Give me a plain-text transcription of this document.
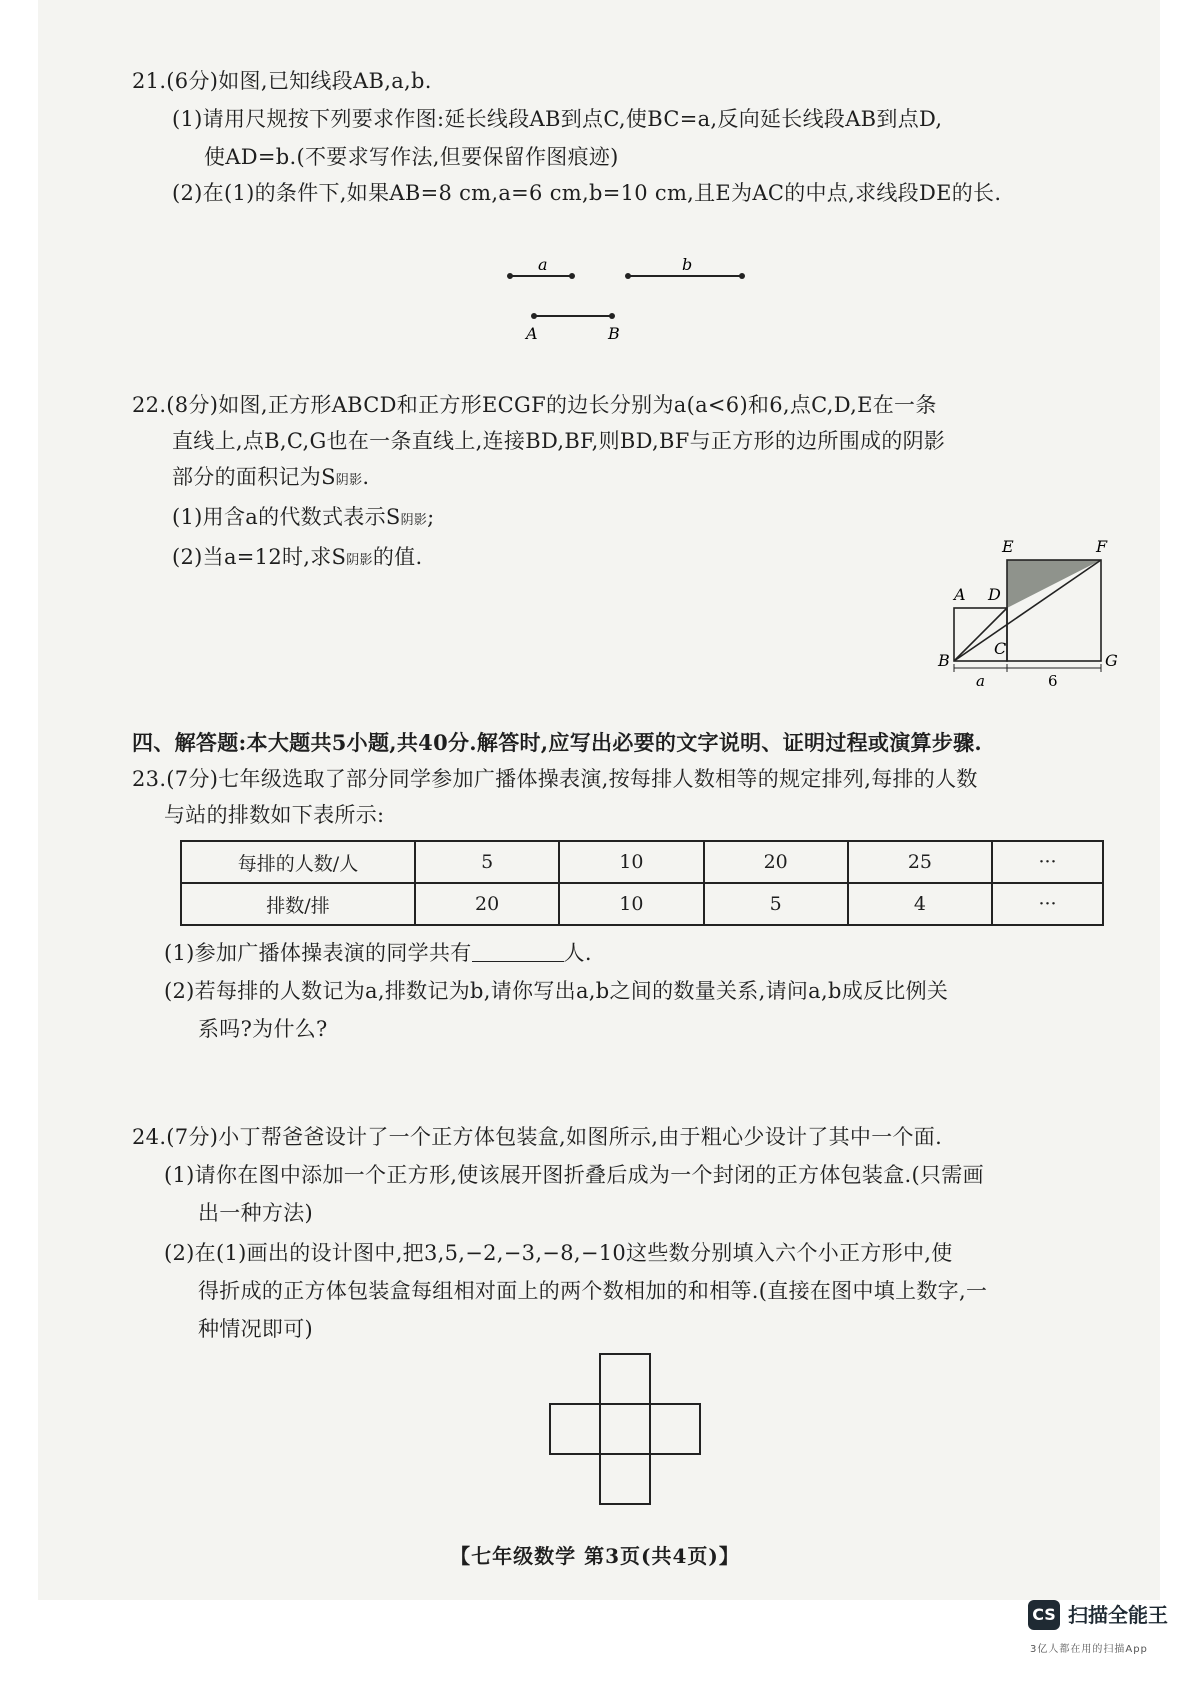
21.(6分)如图,已知线段AB,a,b.
(1)请用尺规按下列要求作图:延长线段AB到点C,使BC=a,反向延长线段AB到点D,
使AD=b.(不要求写作法,但要保留作图痕迹)
(2)在(1)的条件下,如果AB=8 cm,a=6 cm,b=10 cm,且E为AC的中点,求线段DE的长.
a	b
A	B
22.(8分)如图,正方形ABCD和正方形ECGF的边长分别为a(a<6)和6,点C,D,E在一条
直线上,点B,C,G也在一条直线上,连接BD,BF,则BD,BF与正方形的边所围成的阴影
部分的面积记为S阴影.
(1)用含a的代数式表示S阴影;
(2)当a=12时,求S阴影的值.
A D
E	F
B
C
G
a	6
四、解答题:本大题共5小题,共40分.解答时,应写出必要的文字说明、证明过程或演算步骤.
23.(7分)七年级选取了部分同学参加广播体操表演,按每排人数相等的规定排列,每排的人数
与站的排数如下表所示:
每排的人数/人	5	10	20	25	···
排数/排	20	10	5	4	···
(1)参加广播体操表演的同学共有	人.
(2)若每排的人数记为a,排数记为b,请你写出a,b之间的数量关系,请问a,b成反比例关
系吗?为什么?
24.(7分)小丁帮爸爸设计了一个正方体包装盒,如图所示,由于粗心少设计了其中一个面.
(1)请你在图中添加一个正方形,使该展开图折叠后成为一个封闭的正方体包装盒.(只需画
出一种方法)
(2)在(1)画出的设计图中,把3,5,−2,−3,−8,−10这些数分别填入六个小正方形中,使
得折成的正方体包装盒每组相对面上的两个数相加的和相等.(直接在图中填上数字,一
种情况即可)
【七年级数学 第3页(共4页)】
CS 扫描全能王
3亿人都在用的扫描App
